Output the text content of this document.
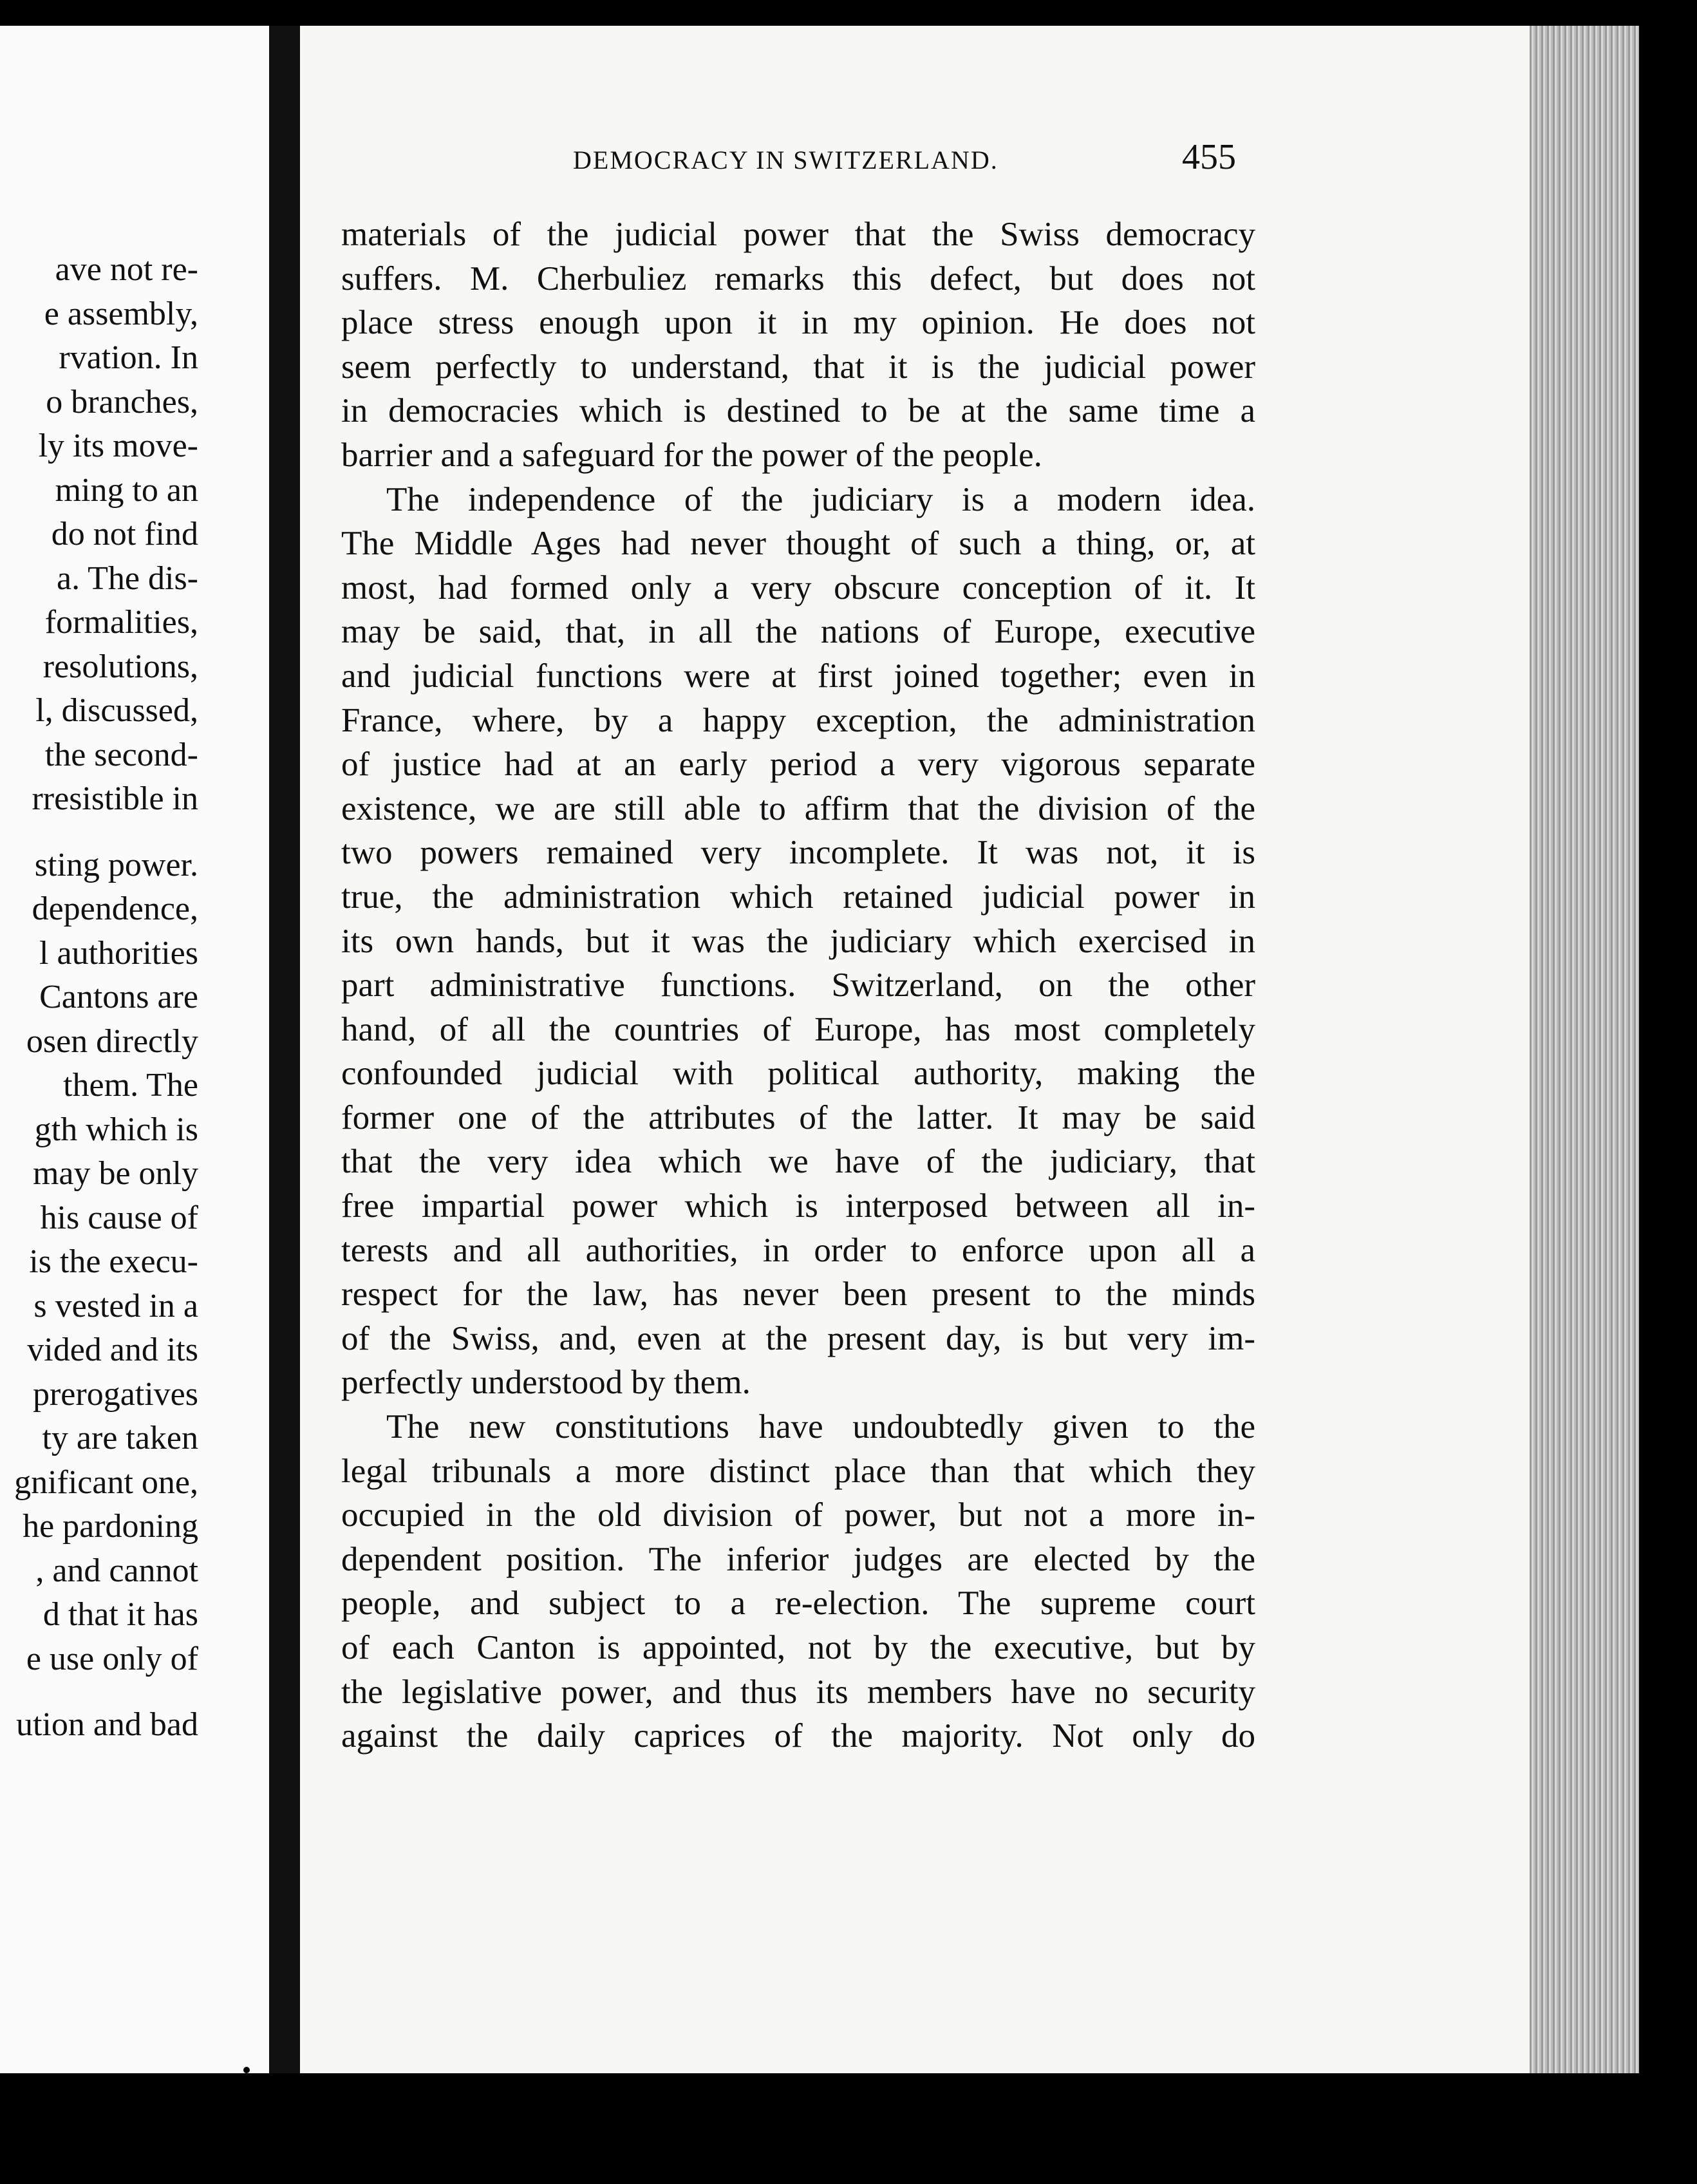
ave not re-
e assembly,
rvation. In
o branches,
ly its move-
ming to an
do not find
a. The dis-
formalities,
resolutions,
l, discussed,
the second-
rresistible in
sting power.
dependence,
l authorities
Cantons are
osen directly
them. The
gth which is
may be only
his cause of
is the execu-
s vested in a
vided and its
prerogatives
ty are taken
gnificant one,
he pardoning
, and cannot
d that it has
e use only of
ution and bad
DEMOCRACY IN SWITZERLAND.	455
materials of the judicial power that the Swiss democracy
suffers. M. Cherbuliez remarks this defect, but does not
place stress enough upon it in my opinion. He does not
seem perfectly to understand, that it is the judicial power
in democracies which is destined to be at the same time a
barrier and a safeguard for the power of the people.
The independence of the judiciary is a modern idea.
The Middle Ages had never thought of such a thing, or, at
most, had formed only a very obscure conception of it. It
may be said, that, in all the nations of Europe, executive
and judicial functions were at first joined together; even in
France, where, by a happy exception, the administration
of justice had at an early period a very vigorous separate
existence, we are still able to affirm that the division of the
two powers remained very incomplete. It was not, it is
true, the administration which retained judicial power in
its own hands, but it was the judiciary which exercised in
part administrative functions. Switzerland, on the other
hand, of all the countries of Europe, has most completely
confounded judicial with political authority, making the
former one of the attributes of the latter. It may be said
that the very idea which we have of the judiciary, that
free impartial power which is interposed between all in-
terests and all authorities, in order to enforce upon all a
respect for the law, has never been present to the minds
of the Swiss, and, even at the present day, is but very im-
perfectly understood by them.
The new constitutions have undoubtedly given to the
legal tribunals a more distinct place than that which they
occupied in the old division of power, but not a more in-
dependent position. The inferior judges are elected by the
people, and subject to a re-election. The supreme court
of each Canton is appointed, not by the executive, but by
the legislative power, and thus its members have no security
against the daily caprices of the majority. Not only do
